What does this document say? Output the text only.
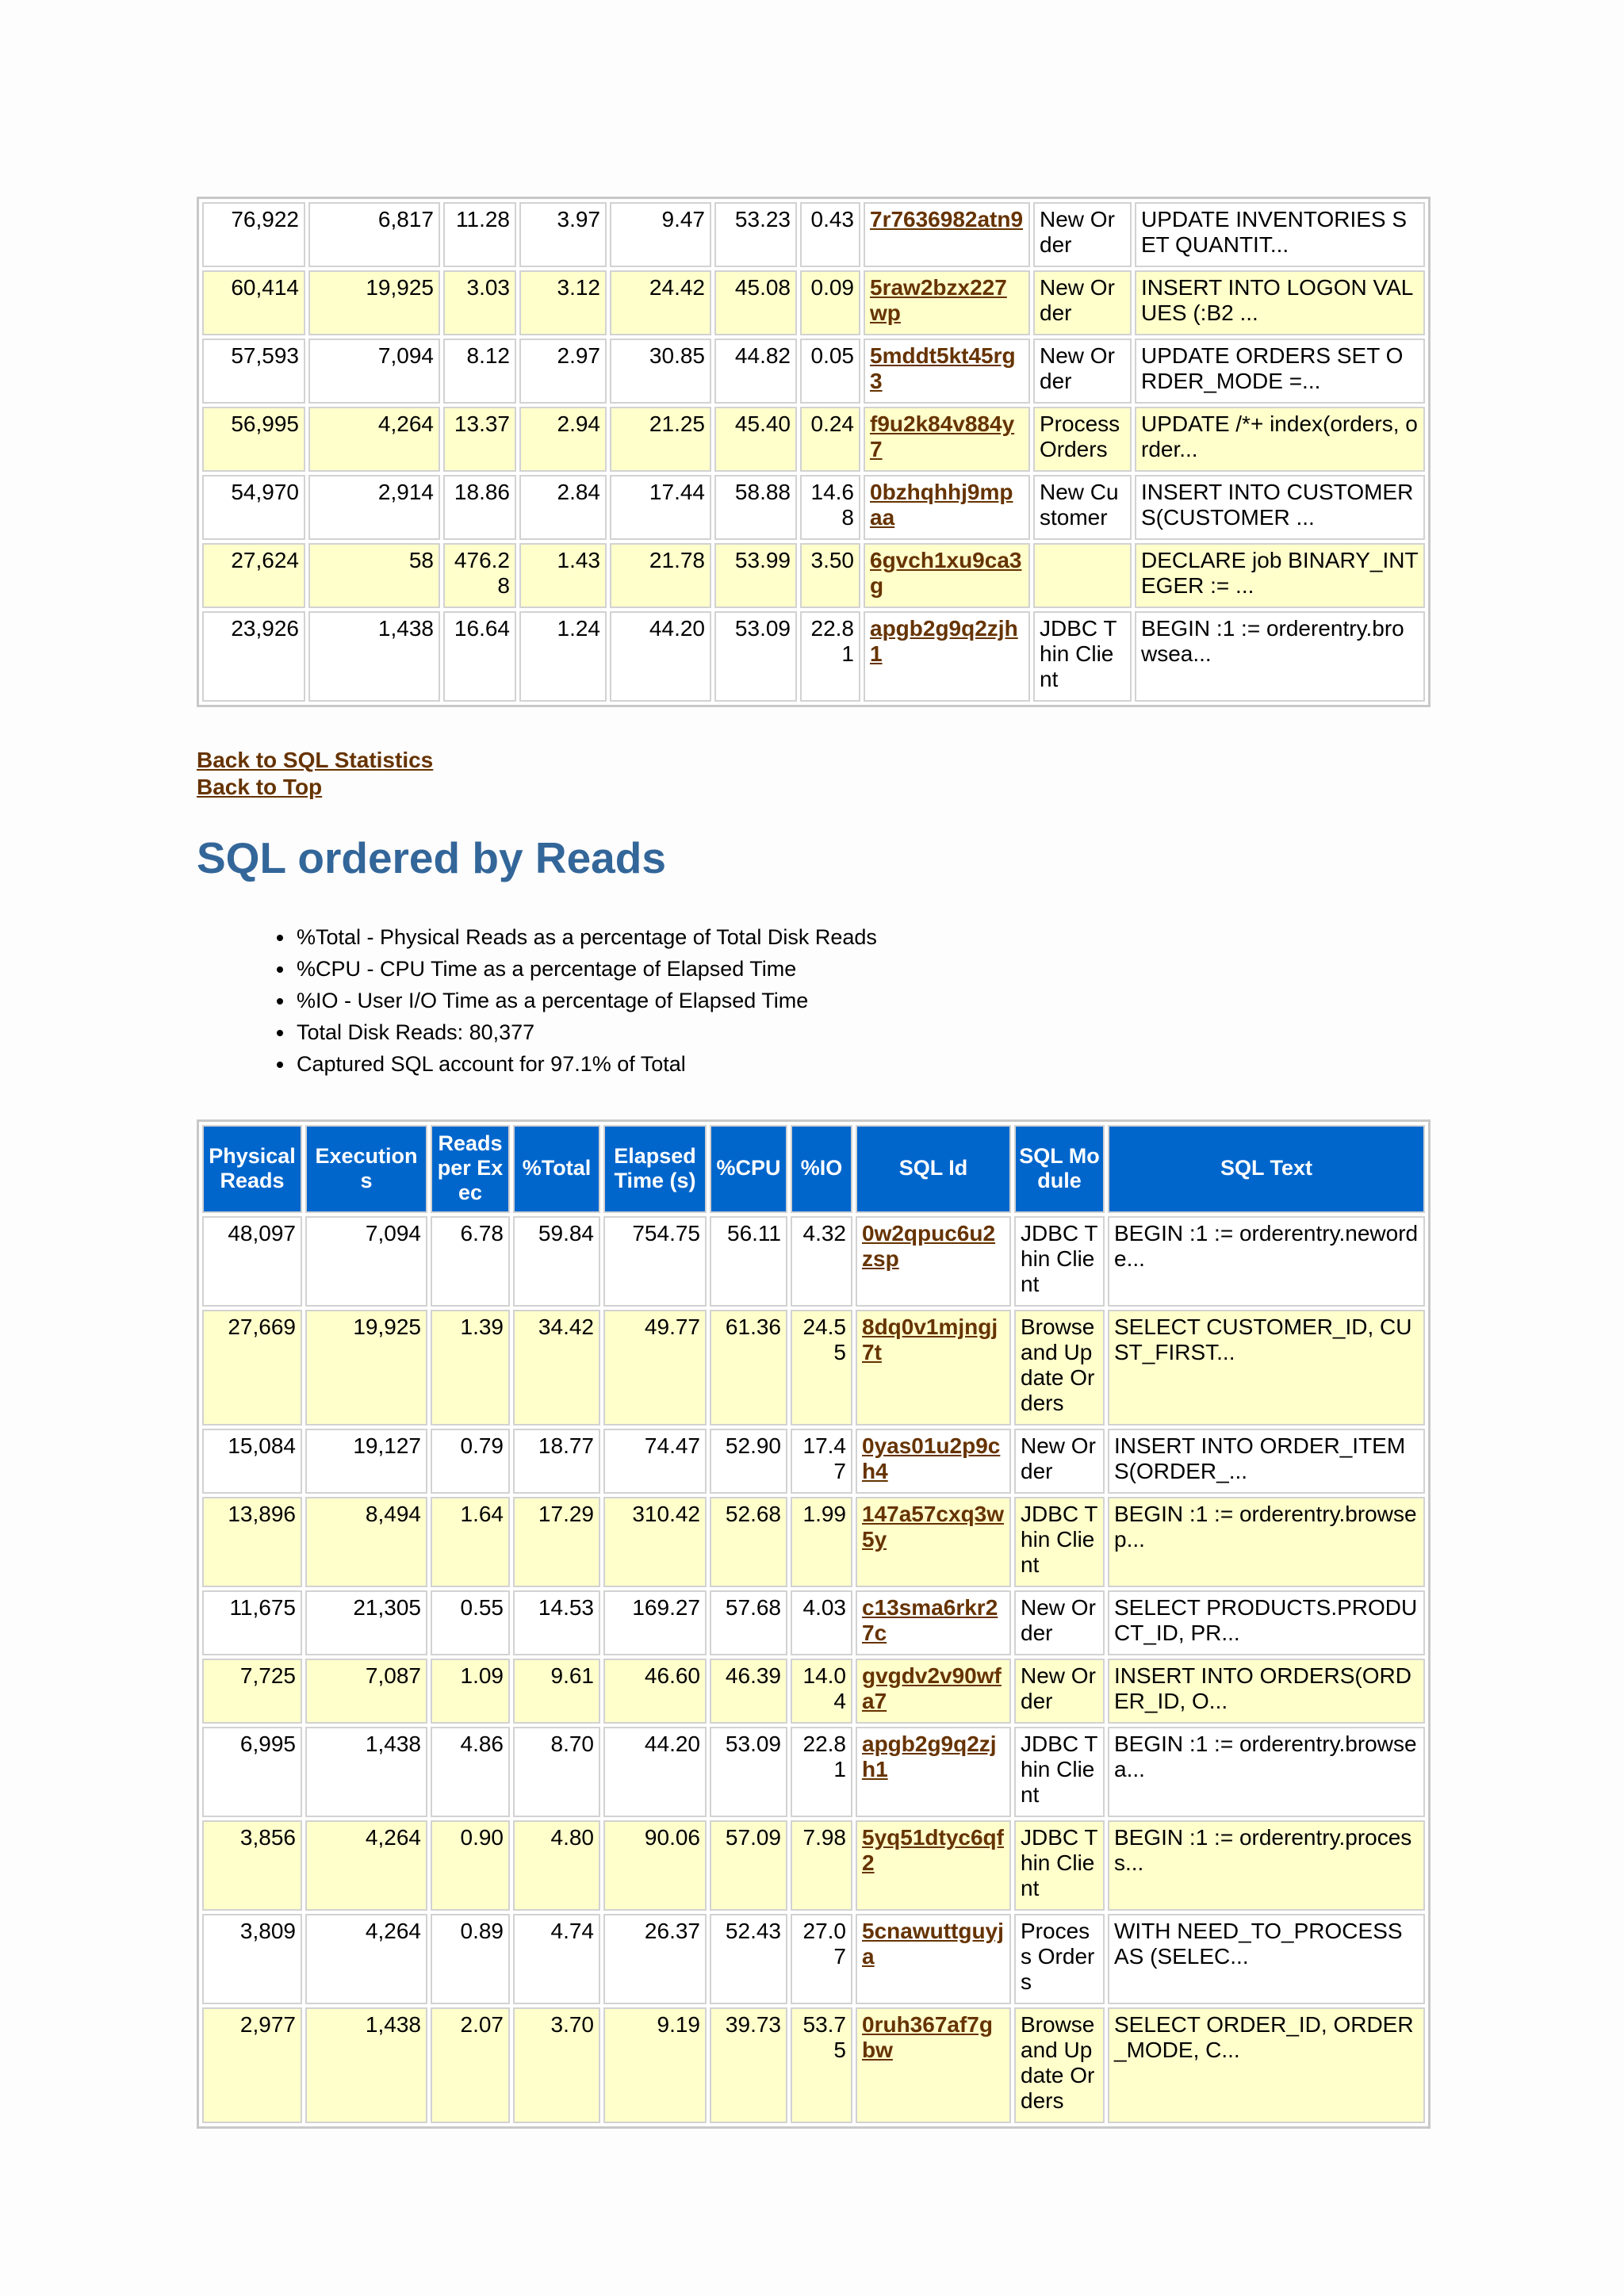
76,922	6,817	11.28	3.97	9.47	53.23	0.43	7r7636982atn9	New Order	UPDATE INVENTORIES SET QUANTIT...
60,414	19,925	3.03	3.12	24.42	45.08	0.09	5raw2bzx227wp	New Order	INSERT INTO LOGON VALUES (:B2 ...
57,593	7,094	8.12	2.97	30.85	44.82	0.05	5mddt5kt45rg3	New Order	UPDATE ORDERS SET ORDER_MODE =...
56,995	4,264	13.37	2.94	21.25	45.40	0.24	f9u2k84v884y7	Process Orders	UPDATE /*+ index(orders, order...
54,970	2,914	18.86	2.84	17.44	58.88	14.68	0bzhqhhj9mpaa	New Customer	INSERT INTO CUSTOMERS(CUSTOMER ...
27,624	58	476.28	1.43	21.78	53.99	3.50	6gvch1xu9ca3g		DECLARE job BINARY_INTEGER := ...
23,926	1,438	16.64	1.24	44.20	53.09	22.81	apgb2g9q2zjh1	JDBC Thin Client	BEGIN :1 := orderentry.browsea...
Back to SQL Statistics
Back to Top
SQL ordered by Reads
• %Total - Physical Reads as a percentage of Total Disk Reads
• %CPU - CPU Time as a percentage of Elapsed Time
• %IO - User I/O Time as a percentage of Elapsed Time
• Total Disk Reads: 80,377
• Captured SQL account for 97.1% of Total
Physical Reads	Executions	Reads per Exec	%Total	Elapsed Time (s)	%CPU	%IO	SQL Id	SQL Module	SQL Text
48,097	7,094	6.78	59.84	754.75	56.11	4.32	0w2qpuc6u2zsp	JDBC Thin Client	BEGIN :1 := orderentry.neworde...
27,669	19,925	1.39	34.42	49.77	61.36	24.55	8dq0v1mjngj7t	Browse and Update Orders	SELECT CUSTOMER_ID, CUST_FIRST...
15,084	19,127	0.79	18.77	74.47	52.90	17.47	0yas01u2p9ch4	New Order	INSERT INTO ORDER_ITEMS(ORDER_...
13,896	8,494	1.64	17.29	310.42	52.68	1.99	147a57cxq3w5y	JDBC Thin Client	BEGIN :1 := orderentry.browsep...
11,675	21,305	0.55	14.53	169.27	57.68	4.03	c13sma6rkr27c	New Order	SELECT PRODUCTS.PRODUCT_ID, PR...
7,725	7,087	1.09	9.61	46.60	46.39	14.04	gvgdv2v90wfa7	New Order	INSERT INTO ORDERS(ORDER_ID, O...
6,995	1,438	4.86	8.70	44.20	53.09	22.81	apgb2g9q2zjh1	JDBC Thin Client	BEGIN :1 := orderentry.browsea...
3,856	4,264	0.90	4.80	90.06	57.09	7.98	5yq51dtyc6qf2	JDBC Thin Client	BEGIN :1 := orderentry.process...
3,809	4,264	0.89	4.74	26.37	52.43	27.07	5cnawuttguyja	Process Orders	WITH NEED_TO_PROCESS AS (SELEC...
2,977	1,438	2.07	3.70	9.19	39.73	53.75	0ruh367af7gbw	Browse and Update Orders	SELECT ORDER_ID, ORDER_MODE, C...
